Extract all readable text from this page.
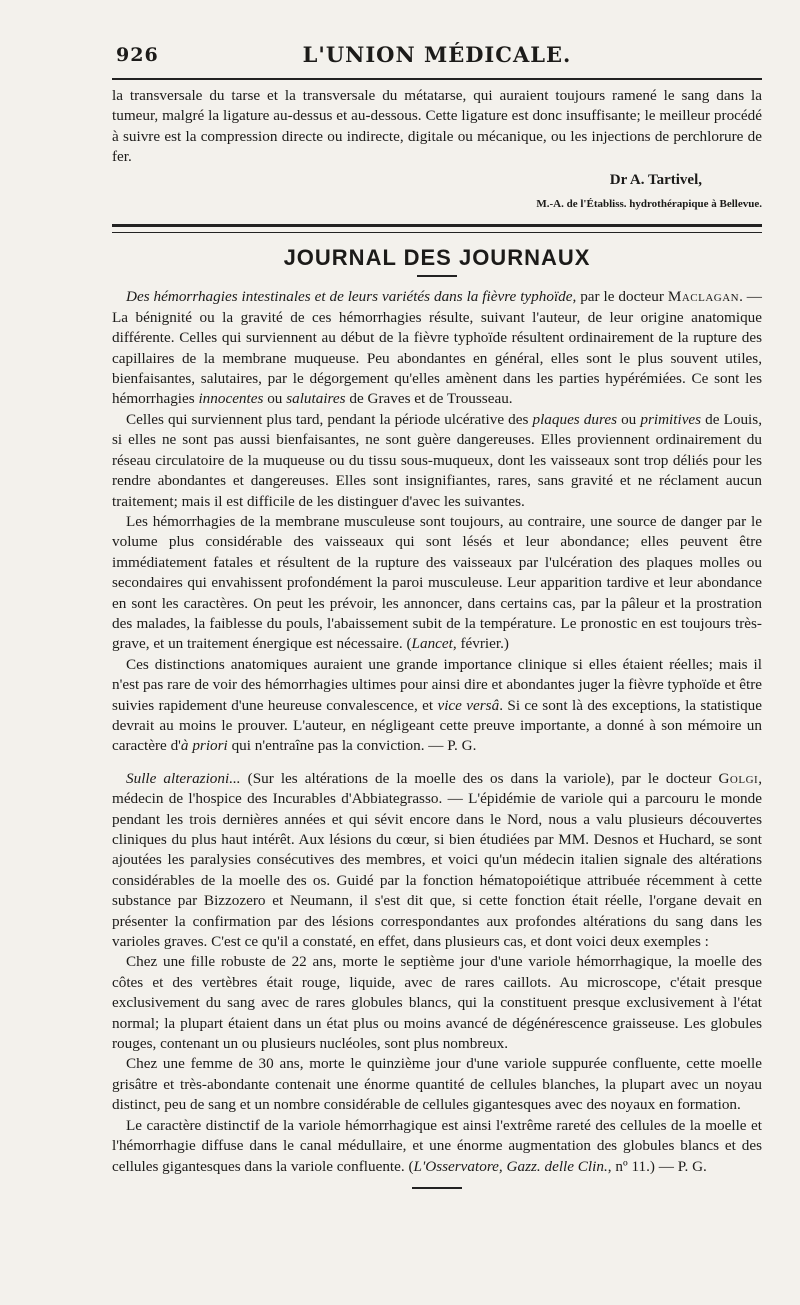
926	L'UNION MÉDICALE.

la transversale du tarse et la transversale du métatarse, qui auraient toujours ramené le sang dans la tumeur, malgré la ligature au-dessus et au-dessous. Cette ligature est donc insuffisante; le meilleur procédé à suivre est la compression directe ou indirecte, digitale ou mécanique, ou les injections de perchlorure de fer.

Dr A. Tartivel,
M.-A. de l'Établiss. hydrothérapique à Bellevue.
JOURNAL DES JOURNAUX

Des hémorrhagies intestinales et de leurs variétés dans la fièvre typhoïde, par le docteur Maclagan. — La bénignité ou la gravité de ces hémorrhagies résulte, suivant l'auteur, de leur origine anatomique différente. Celles qui surviennent au début de la fièvre typhoïde résultent ordinairement de la rupture des capillaires de la membrane muqueuse. Peu abondantes en général, elles sont le plus souvent utiles, bienfaisantes, salutaires, par le dégorgement qu'elles amènent dans les parties hypérémiées. Ce sont les hémorrhagies innocentes ou salutaires de Graves et de Trousseau.

Celles qui surviennent plus tard, pendant la période ulcérative des plaques dures ou primitives de Louis, si elles ne sont pas aussi bienfaisantes, ne sont guère dangereuses. Elles proviennent ordinairement du réseau circulatoire de la muqueuse ou du tissu sous-muqueux, dont les vaisseaux sont trop déliés pour les rendre abondantes et dangereuses. Elles sont insignifiantes, rares, sans gravité et ne réclament aucun traitement; mais il est difficile de les distinguer d'avec les suivantes.

Les hémorrhagies de la membrane musculeuse sont toujours, au contraire, une source de danger par le volume plus considérable des vaisseaux qui sont lésés et leur abondance; elles peuvent être immédiatement fatales et résultent de la rupture des vaisseaux par l'ulcération des plaques molles ou secondaires qui envahissent profondément la paroi musculeuse. Leur apparition tardive et leur abondance en sont les caractères. On peut les prévoir, les annoncer, dans certains cas, par la pâleur et la prostration des malades, la faiblesse du pouls, l'abaissement subit de la température. Le pronostic en est toujours très-grave, et un traitement énergique est nécessaire. (Lancet, février.)

Ces distinctions anatomiques auraient une grande importance clinique si elles étaient réelles; mais il n'est pas rare de voir des hémorrhagies ultimes pour ainsi dire et abondantes juger la fièvre typhoïde et être suivies rapidement d'une heureuse convalescence, et vice versâ. Si ce sont là des exceptions, la statistique devrait au moins le prouver. L'auteur, en négligeant cette preuve importante, a donné à son mémoire un caractère d'à priori qui n'entraîne pas la conviction. — P. G.

Sulle alterazioni... (Sur les altérations de la moelle des os dans la variole), par le docteur Golgi, médecin de l'hospice des Incurables d'Abbiategrasso. — L'épidémie de variole qui a parcouru le monde pendant les trois dernières années et qui sévit encore dans le Nord, nous a valu plusieurs découvertes cliniques du plus haut intérêt. Aux lésions du cœur, si bien étudiées par MM. Desnos et Huchard, se sont ajoutées les paralysies consécutives des membres, et voici qu'un médecin italien signale des altérations considérables de la moelle des os. Guidé par la fonction hématopoiétique attribuée récemment à cette substance par Bizzozero et Neumann, il s'est dit que, si cette fonction était réelle, l'organe devait en présenter la confirmation par des lésions correspondantes aux profondes altérations du sang dans les varioles graves. C'est ce qu'il a constaté, en effet, dans plusieurs cas, et dont voici deux exemples :

Chez une fille robuste de 22 ans, morte le septième jour d'une variole hémorrhagique, la moelle des côtes et des vertèbres était rouge, liquide, avec de rares caillots. Au microscope, c'était presque exclusivement du sang avec de rares globules blancs, qui la constituent presque exclusivement à l'état normal; la plupart étaient dans un état plus ou moins avancé de dégénérescence graisseuse. Les globules rouges, contenant un ou plusieurs nucléoles, sont plus nombreux.

Chez une femme de 30 ans, morte le quinzième jour d'une variole suppurée confluente, cette moelle grisâtre et très-abondante contenait une énorme quantité de cellules blanches, la plupart avec un noyau distinct, peu de sang et un nombre considérable de cellules gigantesques avec des noyaux en formation.

Le caractère distinctif de la variole hémorrhagique est ainsi l'extrême rareté des cellules de la moelle et l'hémorrhagie diffuse dans le canal médullaire, et une énorme augmentation des globules blancs et des cellules gigantesques dans la variole confluente. (L'Osservatore, Gazz. delle Clin., nº 11.) — P. G.
